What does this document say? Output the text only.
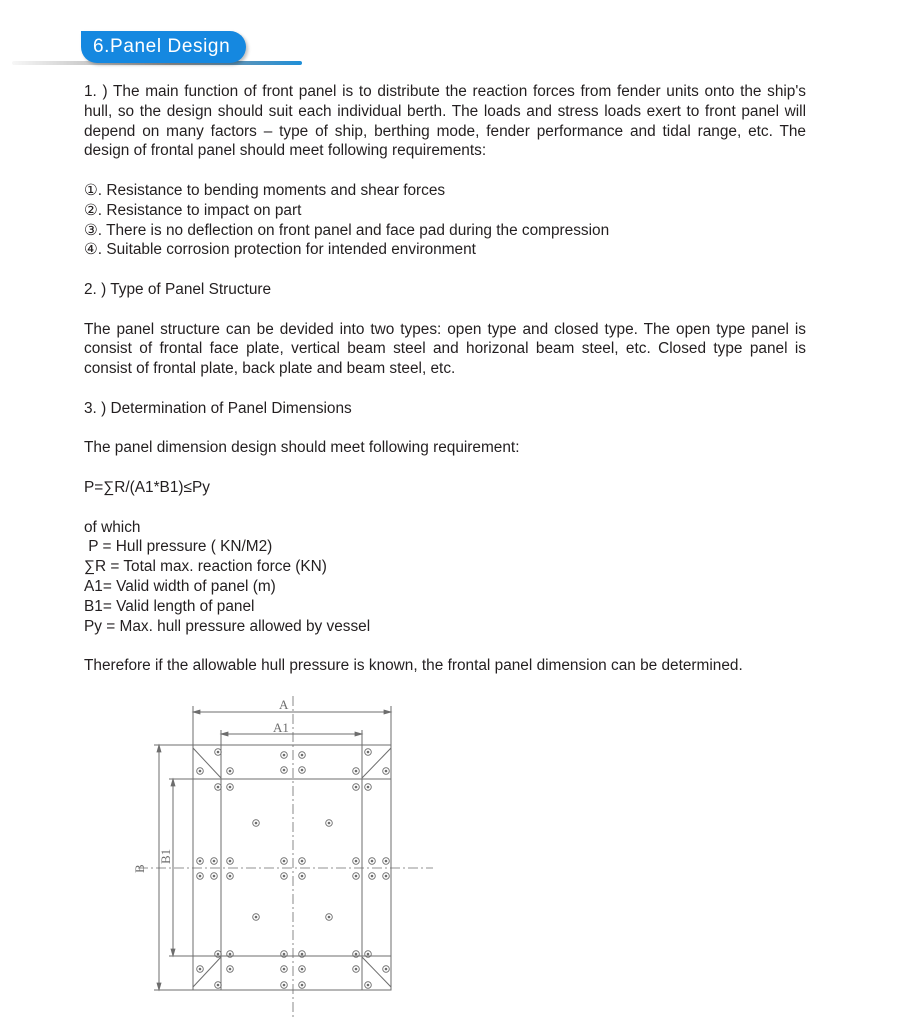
6.Panel Design

1. ) The main function of front panel is to distribute the reaction forces from fender units onto the ship's hull, so the design should suit each individual berth. The loads and stress loads exert to front panel will depend on many factors – type of ship, berthing mode, fender performance and tidal range, etc. The design of frontal panel should meet following requirements:

①. Resistance to bending moments and shear forces

②. Resistance to impact on part

③. There is no deflection on front panel and face pad during the compression

④. Suitable corrosion protection for intended environment

2. ) Type of Panel Structure

The panel structure can be devided into two types: open type and closed type. The open type panel is consist of frontal face plate, vertical beam steel and horizonal beam steel, etc. Closed type panel is consist of frontal plate, back plate and beam steel, etc.

3. ) Determination of Panel Dimensions

The panel dimension design should meet following requirement:

P=∑R/(A1*B1)≤Py

of which

P = Hull pressure ( KN/M2)

∑R = Total max. reaction force (KN)

A1= Valid width of panel (m)

B1= Valid length of panel

Py = Max. hull pressure allowed by vessel

Therefore if the allowable hull pressure is known, the frontal panel dimension can be determined.

A
A1
B
B1
